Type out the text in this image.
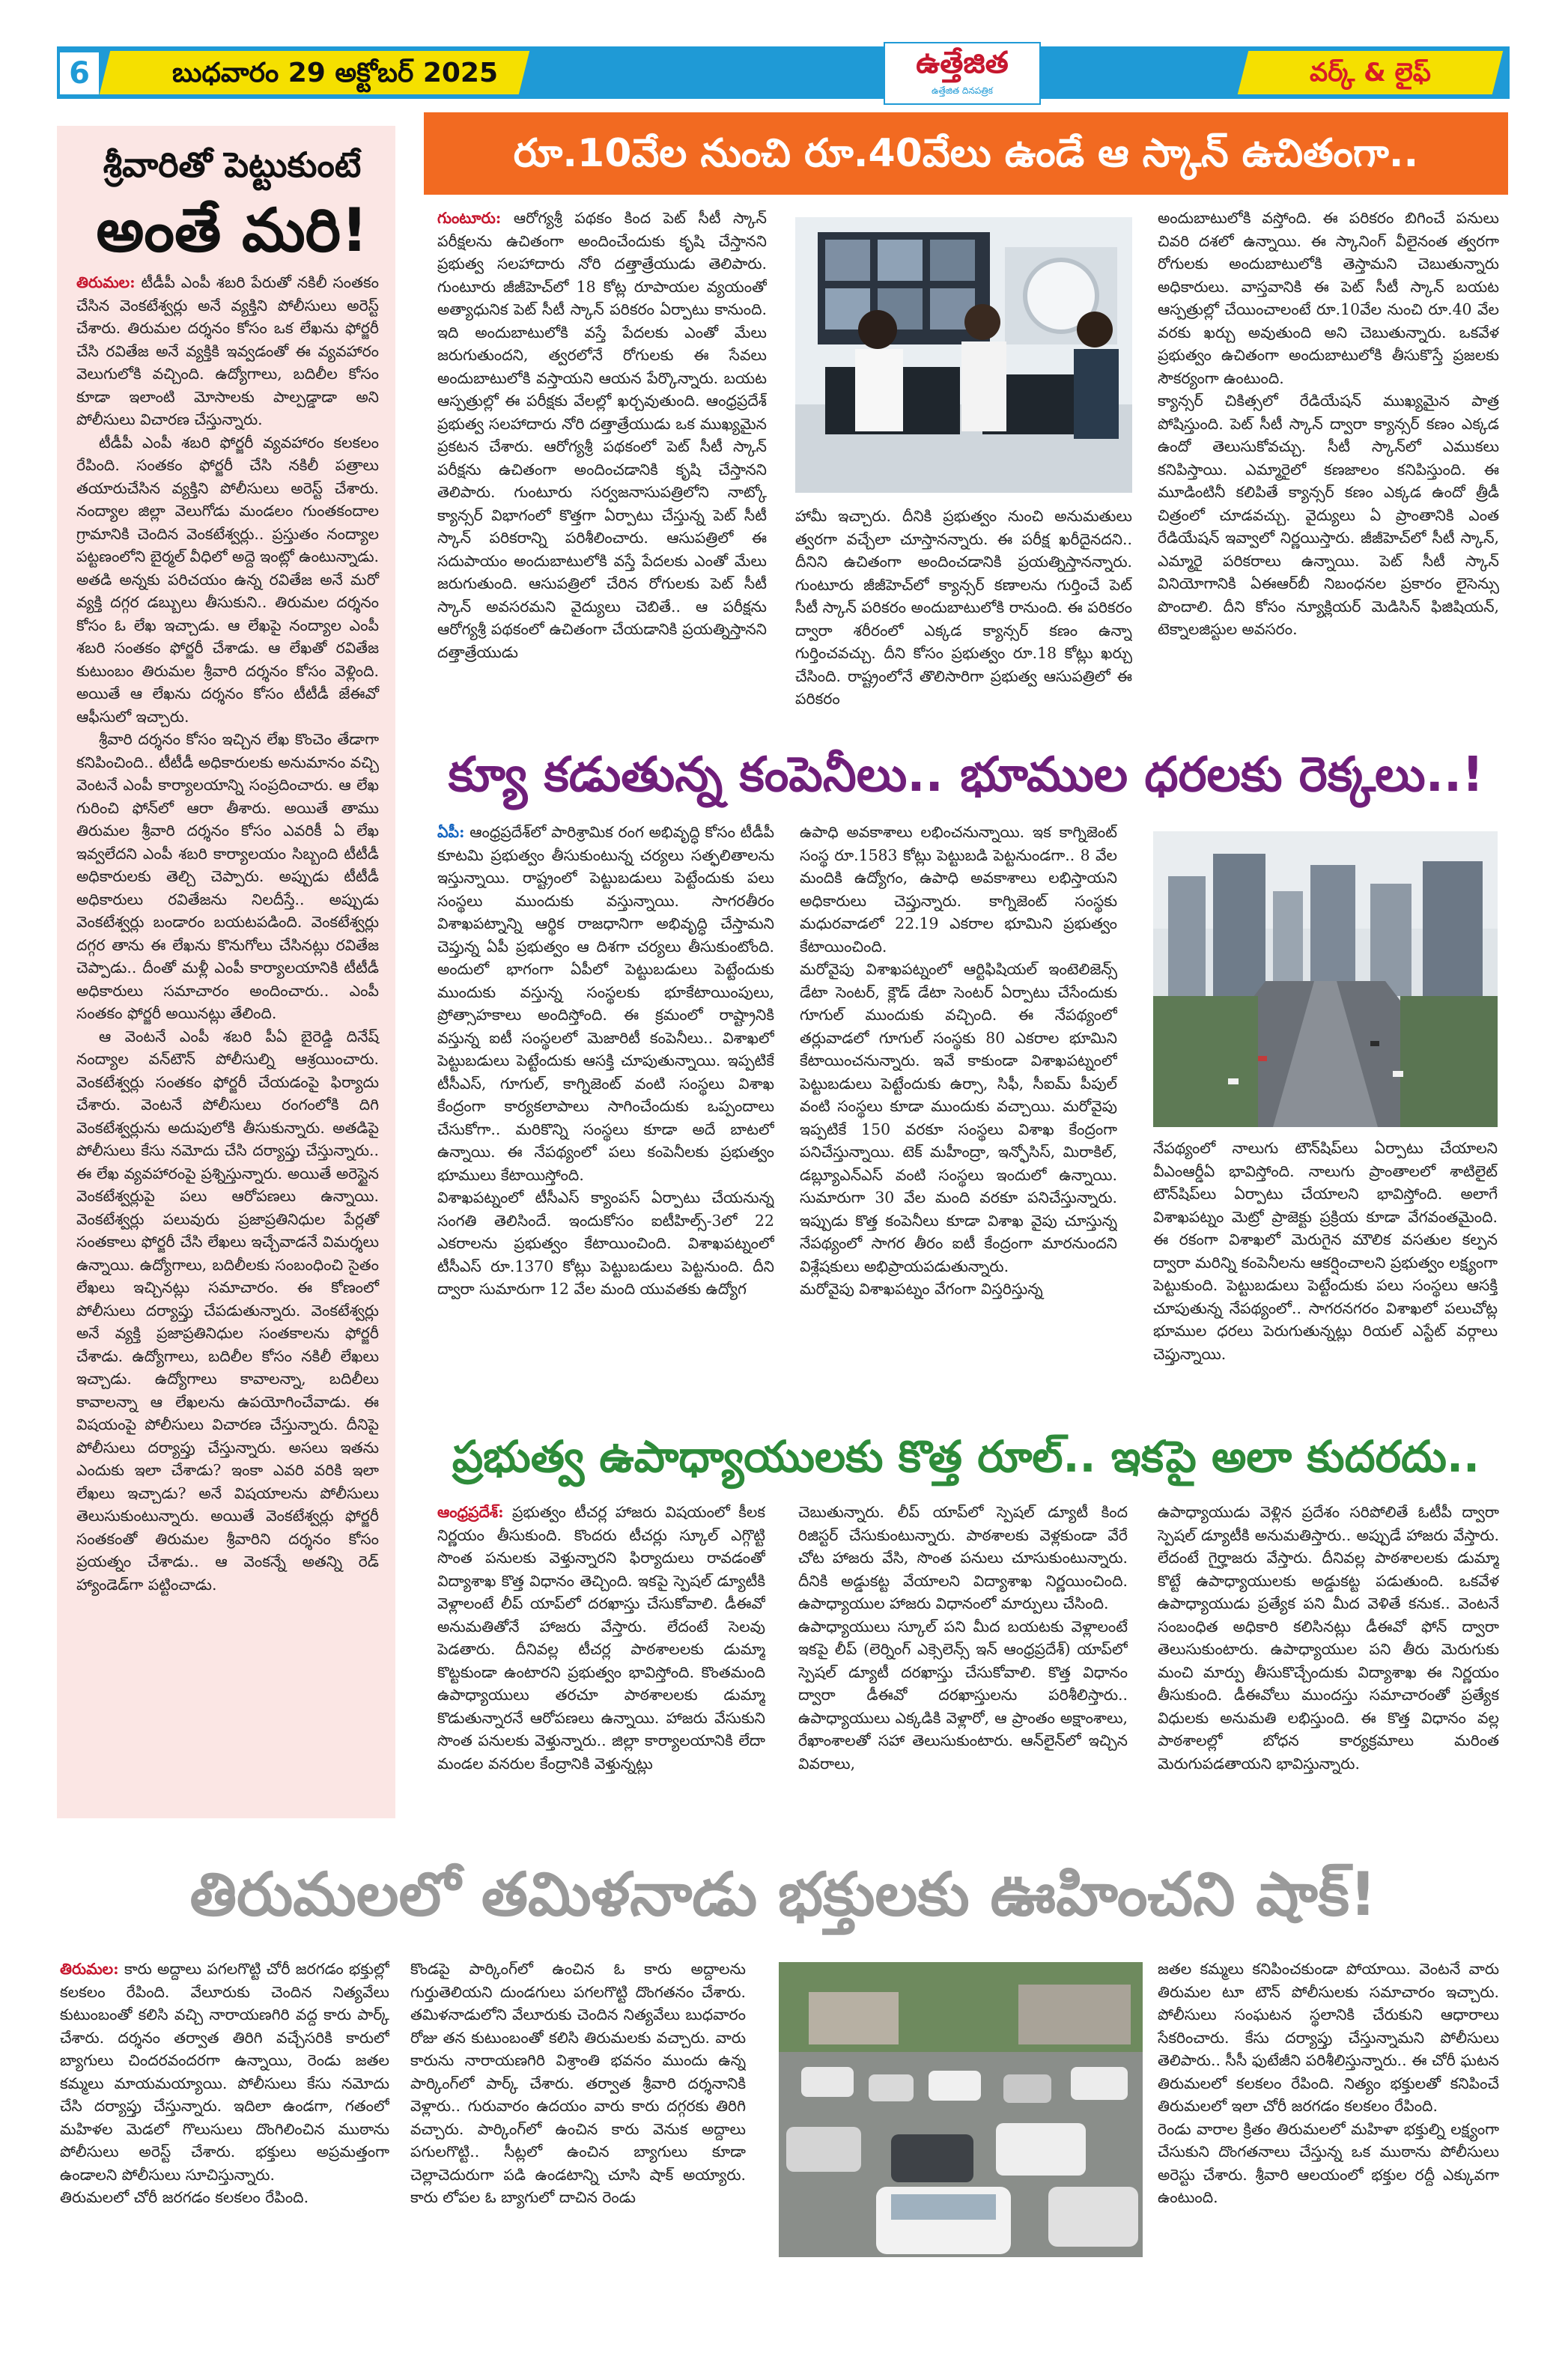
6	బుధవారం 29 అక్టోబర్ 2025	ఉత్తేజిత
ఉత్తేజిత దినపత్రిక
వర్క్ & లైఫ్
శ్రీవారితో పెట్టుకుంటే
అంతే మరి!

తిరుమల: టీడీపీ ఎంపీ శబరి పేరుతో నకిలీ సంతకం చేసిన వెంకటేశ్వర్లు అనే వ్యక్తిని పోలీసులు అరెస్ట్ చేశారు. తిరుమల దర్శనం కోసం ఒక లేఖను ఫోర్జరీ చేసి రవితేజ అనే వ్యక్తికి ఇవ్వడంతో ఈ వ్యవహారం వెలుగులోకి వచ్చింది. ఉద్యోగాలు, బదిలీల కోసం కూడా ఇలాంటి మోసాలకు పాల్పడ్డాడా అని పోలీసులు విచారణ చేస్తున్నారు.

టీడీపీ ఎంపీ శబరి ఫోర్జరీ వ్యవహారం కలకలం రేపింది. సంతకం ఫోర్జరీ చేసి నకిలీ పత్రాలు తయారుచేసిన వ్యక్తిని పోలీసులు అరెస్ట్ చేశారు. నంద్యాల జిల్లా వెలుగోడు మండలం గుంతకందాల గ్రామానికి చెందిన వెంకటేశ్వర్లు.. ప్రస్తుతం నంద్యాల పట్టణంలోని బైర్మల్ వీధిలో అద్దె ఇంట్లో ఉంటున్నాడు. అతడి అన్నకు పరిచయం ఉన్న రవితేజ అనే మరో వ్యక్తి దగ్గర డబ్బులు తీసుకుని.. తిరుమల దర్శనం కోసం ఓ లేఖ ఇచ్చాడు. ఆ లేఖపై నంద్యాల ఎంపీ శబరి సంతకం ఫోర్జరీ చేశాడు. ఆ లేఖతో రవితేజ కుటుంబం తిరుమల శ్రీవారి దర్శనం కోసం వెళ్లింది. అయితే ఆ లేఖను దర్శనం కోసం టీటీడీ జేఈవో ఆఫీసులో ఇచ్చారు.

శ్రీవారి దర్శనం కోసం ఇచ్చిన లేఖ కొంచెం తేడాగా కనిపించింది.. టీటీడీ అధికారులకు అనుమానం వచ్చి వెంటనే ఎంపీ కార్యాలయాన్ని సంప్రదించారు. ఆ లేఖ గురించి ఫోన్‌లో ఆరా తీశారు. అయితే తాము తిరుమల శ్రీవారి దర్శనం కోసం ఎవరికీ ఏ లేఖ ఇవ్వలేదని ఎంపీ శబరి కార్యాలయం సిబ్బంది టీటీడీ అధికారులకు తెల్చి చెప్పారు. అప్పుడు టీటీడీ అధికారులు రవితేజను నిలదీస్తే.. అప్పుడు వెంకటేశ్వర్లు బండారం బయటపడింది. వెంకటేశ్వర్లు దగ్గర తాను ఈ లేఖను కొనుగోలు చేసినట్లు రవితేజ చెప్పాడు.. దీంతో మళ్లీ ఎంపీ కార్యాలయానికి టీటీడీ అధికారులు సమాచారం అందించారు.. ఎంపీ సంతకం ఫోర్జరీ అయినట్లు తేలింది.

ఆ వెంటనే ఎంపీ శబరి పీఏ బైరెడ్డి దినేష్ నంద్యాల వన్‌టౌన్ పోలీసుల్ని ఆశ్రయించారు. వెంకటేశ్వర్లు సంతకం ఫోర్జరీ చేయడంపై ఫిర్యాదు చేశారు. వెంటనే పోలీసులు రంగంలోకి దిగి వెంకటేశ్వర్లును అదుపులోకి తీసుకున్నారు. అతడిపై పోలీసులు కేసు నమోదు చేసి దర్యాప్తు చేస్తున్నారు.. ఈ లేఖ వ్యవహారంపై ప్రశ్నిస్తున్నారు. అయితే అరెస్టైన వెంకటేశ్వర్లుపై పలు ఆరోపణలు ఉన్నాయి. వెంకటేశ్వర్లు పలువురు ప్రజాప్రతినిధుల పేర్లతో సంతకాలు ఫోర్జరీ చేసి లేఖలు ఇచ్చేవాడనే విమర్శలు ఉన్నాయి. ఉద్యోగాలు, బదిలీలకు సంబంధించి సైతం లేఖలు ఇచ్చినట్లు సమాచారం. ఈ కోణంలో పోలీసులు దర్యాప్తు చేపడుతున్నారు. వెంకటేశ్వర్లు అనే వ్యక్తి ప్రజాప్రతినిధుల సంతకాలను ఫోర్జరీ చేశాడు. ఉద్యోగాలు, బదిలీల కోసం నకిలీ లేఖలు ఇచ్చాడు. ఉద్యోగాలు కావాలన్నా, బదిలీలు కావాలన్నా ఆ లేఖలను ఉపయోగించేవాడు. ఈ విషయంపై పోలీసులు విచారణ చేస్తున్నారు. దీనిపై పోలీసులు దర్యాప్తు చేస్తున్నారు. అసలు ఇతను ఎందుకు ఇలా చేశాడు? ఇంకా ఎవరి వరికి ఇలా లేఖలు ఇచ్చాడు? అనే విషయాలను పోలీసులు తెలుసుకుంటున్నారు. అయితే వెంకటేశ్వర్లు ఫోర్జరీ సంతకంతో తిరుమల శ్రీవారిని దర్శనం కోసం ప్రయత్నం చేశాడు.. ఆ వెంకన్నే అతన్ని రెడ్ హ్యాండెడ్‌గా పట్టించాడు.

రూ.10వేల నుంచి రూ.40వేలు ఉండే ఆ స్కాన్ ఉచితంగా..
గుంటూరు: ఆరోగ్యశ్రీ పథకం కింద పెట్ సీటీ స్కాన్ పరీక్షలను ఉచితంగా అందించేందుకు కృషి చేస్తానని ప్రభుత్వ సలహాదారు నోరి దత్తాత్రేయుడు తెలిపారు. గుంటూరు జీజీహెచ్‌లో 18 కోట్ల రూపాయల వ్యయంతో అత్యాధునిక పెట్ సీటీ స్కాన్ పరికరం ఏర్పాటు కానుంది. ఇది అందుబాటులోకి వస్తే పేదలకు ఎంతో మేలు జరుగుతుందని, త్వరలోనే రోగులకు ఈ సేవలు అందుబాటులోకి వస్తాయని ఆయన పేర్కొన్నారు. బయట ఆస్పత్రుల్లో ఈ పరీక్షకు వేలల్లో ఖర్చవుతుంది. ఆంధ్రప్రదేశ్ ప్రభుత్వ సలహాదారు నోరి దత్తాత్రేయుడు ఒక ముఖ్యమైన ప్రకటన చేశారు. ఆరోగ్యశ్రీ పథకంలో పెట్ సీటీ స్కాన్ పరీక్షను ఉచితంగా అందించడానికి కృషి చేస్తానని తెలిపారు. గుంటూరు సర్వజనాసుపత్రిలోని నాట్కో క్యాన్సర్ విభాగంలో కొత్తగా ఏర్పాటు చేస్తున్న పెట్ సీటీ స్కాన్ పరికరాన్ని పరిశీలించారు. ఆసుపత్రిలో ఈ సదుపాయం అందుబాటులోకి వస్తే పేదలకు ఎంతో మేలు జరుగుతుంది. ఆసుపత్రిలో చేరిన రోగులకు పెట్ సీటీ స్కాన్ అవసరమని వైద్యులు చెబితే.. ఆ పరీక్షను ఆరోగ్యశ్రీ పథకంలో ఉచితంగా చేయడానికి ప్రయత్నిస్తానని దత్తాత్రేయుడు
హామీ ఇచ్చారు. దీనికి ప్రభుత్వం నుంచి అనుమతులు త్వరగా వచ్చేలా చూస్తానన్నారు. ఈ పరీక్ష ఖరీదైనదని.. దీనిని ఉచితంగా అందించడానికి ప్రయత్నిస్తానన్నారు. గుంటూరు జీజీహెచ్‌లో క్యాన్సర్ కణాలను గుర్తించే పెట్ సీటీ స్కాన్ పరికరం అందుబాటులోకి రానుంది. ఈ పరికరం ద్వారా శరీరంలో ఎక్కడ క్యాన్సర్ కణం ఉన్నా గుర్తించవచ్చు. దీని కోసం ప్రభుత్వం రూ.18 కోట్లు ఖర్చు చేసింది. రాష్ట్రంలోనే తొలిసారిగా ప్రభుత్వ ఆసుపత్రిలో ఈ పరికరం
అందుబాటులోకి వస్తోంది. ఈ పరికరం బిగించే పనులు చివరి దశలో ఉన్నాయి. ఈ స్కానింగ్ వీలైనంత త్వరగా రోగులకు అందుబాటులోకి తెస్తామని చెబుతున్నారు అధికారులు. వాస్తవానికి ఈ పెట్ సీటీ స్కాన్ బయట ఆస్పత్రుల్లో చేయించాలంటే రూ.10వేల నుంచి రూ.40 వేల వరకు ఖర్చు అవుతుంది అని చెబుతున్నారు. ఒకవేళ ప్రభుత్వం ఉచితంగా అందుబాటులోకి తీసుకొస్తే ప్రజలకు సౌకర్యంగా ఉంటుంది.
క్యాన్సర్ చికిత్సలో రేడియేషన్ ముఖ్యమైన పాత్ర పోషిస్తుంది. పెట్ సీటీ స్కాన్ ద్వారా క్యాన్సర్ కణం ఎక్కడ ఉందో తెలుసుకోవచ్చు. సీటీ స్కాన్‌లో ఎముకలు కనిపిస్తాయి. ఎమ్మారైలో కణజాలం కనిపిస్తుంది. ఈ మూడింటినీ కలిపితే క్యాన్సర్ కణం ఎక్కడ ఉందో త్రీడీ చిత్రంలో చూడవచ్చు. వైద్యులు ఏ ప్రాంతానికి ఎంత రేడియేషన్ ఇవ్వాలో నిర్ణయిస్తారు. జీజీహెచ్‌లో సీటీ స్కాన్, ఎమ్మారై పరికరాలు ఉన్నాయి. పెట్ సీటీ స్కాన్ వినియోగానికి ఏఈఆర్‌బీ నిబంధనల ప్రకారం లైసెన్సు పొందాలి. దీని కోసం న్యూక్లియర్ మెడిసిన్ ఫిజిషియన్, టెక్నాలజిస్టుల అవసరం.
క్యూ కడుతున్న కంపెనీలు.. భూముల ధరలకు రెక్కలు..!
ఏపీ: ఆంధ్రప్రదేశ్‌లో పారిశ్రామిక రంగ అభివృద్ధి కోసం టీడీపీ కూటమి ప్రభుత్వం తీసుకుంటున్న చర్యలు సత్ఫలితాలను ఇస్తున్నాయి. రాష్ట్రంలో పెట్టుబడులు పెట్టేందుకు పలు సంస్థలు ముందుకు వస్తున్నాయి. సాగరతీరం విశాఖపట్నాన్ని ఆర్థిక రాజధానిగా అభివృద్ధి చేస్తామని చెప్తున్న ఏపీ ప్రభుత్వం ఆ దిశగా చర్యలు తీసుకుంటోంది. అందులో భాగంగా ఏపీలో పెట్టుబడులు పెట్టేందుకు ముందుకు వస్తున్న సంస్థలకు భూకేటాయింపులు, ప్రోత్సాహకాలు అందిస్తోంది. ఈ క్రమంలో రాష్ట్రానికి వస్తున్న ఐటీ సంస్థలలో మెజారిటీ కంపెనీలు.. విశాఖలో పెట్టుబడులు పెట్టేందుకు ఆసక్తి చూపుతున్నాయి. ఇప్పటికే టీసీఎస్, గూగుల్, కాగ్నిజెంట్ వంటి సంస్థలు విశాఖ కేంద్రంగా కార్యకలాపాలు సాగించేందుకు ఒప్పందాలు చేసుకోగా.. మరికొన్ని సంస్థలు కూడా అదే బాటలో ఉన్నాయి. ఈ నేపథ్యంలో పలు కంపెనీలకు ప్రభుత్వం భూములు కేటాయిస్తోంది.
విశాఖపట్నంలో టీసీఎస్ క్యాంపస్ ఏర్పాటు చేయనున్న సంగతి తెలిసిందే. ఇందుకోసం ఐటీహిల్స్-3లో 22 ఎకరాలను ప్రభుత్వం కేటాయించింది. విశాఖపట్నంలో టీసీఎస్ రూ.1370 కోట్లు పెట్టుబడులు పెట్టనుంది. దీని ద్వారా సుమారుగా 12 వేల మంది యువతకు ఉద్యోగ
ఉపాధి అవకాశాలు లభించనున్నాయి. ఇక కాగ్నిజెంట్ సంస్థ రూ.1583 కోట్లు పెట్టుబడి పెట్టనుండగా.. 8 వేల మందికి ఉద్యోగం, ఉపాధి అవకాశాలు లభిస్తాయని అధికారులు చెప్తున్నారు. కాగ్నిజెంట్ సంస్థకు మధురవాడలో 22.19 ఎకరాల భూమిని ప్రభుత్వం కేటాయించింది.
మరోవైపు విశాఖపట్నంలో ఆర్టిఫిషియల్ ఇంటెలిజెన్స్ డేటా సెంటర్, క్లౌడ్ డేటా సెంటర్ ఏర్పాటు చేసేందుకు గూగుల్ ముందుకు వచ్చింది. ఈ నేపథ్యంలో తర్లువాడలో గూగుల్ సంస్థకు 80 ఎకరాల భూమిని కేటాయించనున్నారు. ఇవే కాకుండా విశాఖపట్నంలో పెట్టుబడులు పెట్టేందుకు ఉర్సా, సిఫీ, సీఐమ్ పీపుల్ వంటి సంస్థలు కూడా ముందుకు వచ్చాయి. మరోవైపు ఇప్పటికే 150 వరకూ సంస్థలు విశాఖ కేంద్రంగా పనిచేస్తున్నాయి. టెక్ మహీంద్రా, ఇన్ఫోసిస్, మిరాకిల్, డబ్ల్యూఎన్‌ఎస్ వంటి సంస్థలు ఇందులో ఉన్నాయి. సుమారుగా 30 వేల మంది వరకూ పనిచేస్తున్నారు. ఇప్పుడు కొత్త కంపెనీలు కూడా విశాఖ వైపు చూస్తున్న నేపథ్యంలో సాగర తీరం ఐటీ కేంద్రంగా మారనుందని విశ్లేషకులు అభిప్రాయపడుతున్నారు.
మరోవైపు విశాఖపట్నం వేగంగా విస్తరిస్తున్న
నేపథ్యంలో నాలుగు టౌన్‌షిప్‌లు ఏర్పాటు చేయాలని వీఎంఆర్డీఏ భావిస్తోంది. నాలుగు ప్రాంతాలలో శాటిలైట్ టౌన్‌షిప్‌లు ఏర్పాటు చేయాలని భావిస్తోంది. అలాగే విశాఖపట్నం మెట్రో ప్రాజెక్టు ప్రక్రియ కూడా వేగవంతమైంది. ఈ రకంగా విశాఖలో మెరుగైన మౌలిక వసతుల కల్పన ద్వారా మరిన్ని కంపెనీలను ఆకర్షించాలని ప్రభుత్వం లక్ష్యంగా పెట్టుకుంది. పెట్టుబడులు పెట్టేందుకు పలు సంస్థలు ఆసక్తి చూపుతున్న నేపథ్యంలో.. సాగరనగరం విశాఖలో పలుచోట్ల భూముల ధరలు పెరుగుతున్నట్లు రియల్ ఎస్టేట్ వర్గాలు చెప్తున్నాయి.
ప్రభుత్వ ఉపాధ్యాయులకు కొత్త రూల్.. ఇకపై అలా కుదరదు..
ఆంధ్రప్రదేశ్: ప్రభుత్వం టీచర్ల హాజరు విషయంలో కీలక నిర్ణయం తీసుకుంది. కొందరు టీచర్లు స్కూల్ ఎగ్గొట్టి సొంత పనులకు వెళ్తున్నారని ఫిర్యాదులు రావడంతో విద్యాశాఖ కొత్త విధానం తెచ్చింది. ఇకపై స్పెషల్ డ్యూటీకి వెళ్లాలంటే లీప్ యాప్‌లో దరఖాస్తు చేసుకోవాలి. డీఈవో అనుమతితోనే హాజరు వేస్తారు. లేదంటే సెలవు పెడతారు. దీనివల్ల టీచర్ల పాఠశాలలకు డుమ్మా కొట్టకుండా ఉంటారని ప్రభుత్వం భావిస్తోంది. కొంతమంది ఉపాధ్యాయులు తరచూ పాఠశాలలకు డుమ్మా కొడుతున్నారనే ఆరోపణలు ఉన్నాయి. హాజరు వేసుకుని సొంత పనులకు వెళ్తున్నారు.. జిల్లా కార్యాలయానికి లేదా మండల వనరుల కేంద్రానికి వెళ్తున్నట్లు
చెబుతున్నారు. లీప్ యాప్‌లో స్పెషల్ డ్యూటీ కింద రిజిస్టర్ చేసుకుంటున్నారు. పాఠశాలకు వెళ్లకుండా వేరే చోట హాజరు వేసి, సొంత పనులు చూసుకుంటున్నారు. దీనికి అడ్డుకట్ట వేయాలని విద్యాశాఖ నిర్ణయించింది. ఉపాధ్యాయుల హాజరు విధానంలో మార్పులు చేసింది.
ఉపాధ్యాయులు స్కూల్ పని మీద బయటకు వెళ్లాలంటే ఇకపై లీప్ (లెర్నింగ్ ఎక్సెలెన్స్ ఇన్ ఆంధ్రప్రదేశ్) యాప్‌లో స్పెషల్ డ్యూటీ దరఖాస్తు చేసుకోవాలి. కొత్త విధానం ద్వారా డీఈవో దరఖాస్తులను పరిశీలిస్తారు.. ఉపాధ్యాయులు ఎక్కడికి వెళ్లారో, ఆ ప్రాంతం అక్షాంశాలు, రేఖాంశాలతో సహా తెలుసుకుంటారు. ఆన్‌లైన్‌లో ఇచ్చిన వివరాలు,
ఉపాధ్యాయుడు వెళ్లిన ప్రదేశం సరిపోలితే ఓటీపీ ద్వారా స్పెషల్ డ్యూటీకి అనుమతిస్తారు.. అప్పుడే హాజరు వేస్తారు. లేదంటే గైర్హాజరు వేస్తారు. దీనివల్ల పాఠశాలలకు డుమ్మా కొట్టే ఉపాధ్యాయులకు అడ్డుకట్ట పడుతుంది. ఒకవేళ ఉపాధ్యాయుడు ప్రత్యేక పని మీద వెళితే కనుక.. వెంటనే సంబంధిత అధికారి కలిసినట్లు డీఈవో ఫోన్ ద్వారా తెలుసుకుంటారు. ఉపాధ్యాయుల పని తీరు మెరుగుకు మంచి మార్పు తీసుకొచ్చేందుకు విద్యాశాఖ ఈ నిర్ణయం తీసుకుంది. డీఈవోలు ముందస్తు సమాచారంతో ప్రత్యేక విధులకు అనుమతి లభిస్తుంది. ఈ కొత్త విధానం వల్ల పాఠశాలల్లో బోధన కార్యక్రమాలు మరింత మెరుగుపడతాయని భావిస్తున్నారు.
తిరుమలలో తమిళనాడు భక్తులకు ఊహించని షాక్!
తిరుమల: కారు అద్దాలు పగలగొట్టి చోరీ జరగడం భక్తుల్లో కలకలం రేపింది. వేలూరుకు చెందిన నిత్యవేలు కుటుంబంతో కలిసి వచ్చి నారాయణగిరి వద్ద కారు పార్క్ చేశారు. దర్శనం తర్వాత తిరిగి వచ్చేసరికి కారులో బ్యాగులు చిందరవందరగా ఉన్నాయి, రెండు జతల కమ్మలు మాయమయ్యాయి. పోలీసులు కేసు నమోదు చేసి దర్యాప్తు చేస్తున్నారు. ఇదిలా ఉండగా, గతంలో మహిళల మెడలో గొలుసులు దొంగిలించిన ముఠాను పోలీసులు అరెస్ట్ చేశారు. భక్తులు అప్రమత్తంగా ఉండాలని పోలీసులు సూచిస్తున్నారు.
తిరుమలలో చోరీ జరగడం కలకలం రేపింది.
కొండపై పార్కింగ్‌లో ఉంచిన ఓ కారు అద్దాలను గుర్తుతెలియని దుండగులు పగలగొట్టి దొంగతనం చేశారు. తమిళనాడులోని వేలూరుకు చెందిన నిత్యవేలు బుధవారం రోజు తన కుటుంబంతో కలిసి తిరుమలకు వచ్చారు. వారు కారును నారాయణగిరి విశ్రాంతి భవనం ముందు ఉన్న పార్కింగ్‌లో పార్క్ చేశారు. తర్వాత శ్రీవారి దర్శనానికి వెళ్లారు.. గురువారం ఉదయం వారు కారు దగ్గరకు తిరిగి వచ్చారు. పార్కింగ్‌లో ఉంచిన కారు వెనుక అద్దాలు పగులగొట్టి.. సీట్లలో ఉంచిన బ్యాగులు కూడా చెల్లాచెదురుగా పడి ఉండటాన్ని చూసి షాక్ అయ్యారు. కారు లోపల ఓ బ్యాగులో దాచిన రెండు
జతల కమ్మలు కనిపించకుండా పోయాయి. వెంటనే వారు తిరుమల టూ టౌన్ పోలీసులకు సమాచారం ఇచ్చారు. పోలీసులు సంఘటన స్థలానికి చేరుకుని ఆధారాలు సేకరించారు. కేసు దర్యాప్తు చేస్తున్నామని పోలీసులు తెలిపారు.. సీసీ ఫుటేజీని పరిశీలిస్తున్నారు.. ఈ చోరీ ఘటన తిరుమలలో కలకలం రేపింది. నిత్యం భక్తులతో కనిపించే తిరుమలలో ఇలా చోరీ జరగడం కలకలం రేపింది.
రెండు వారాల క్రితం తిరుమలలో మహిళా భక్తుల్ని లక్ష్యంగా చేసుకుని దొంగతనాలు చేస్తున్న ఒక ముఠాను పోలీసులు అరెస్టు చేశారు. శ్రీవారి ఆలయంలో భక్తుల రద్దీ ఎక్కువగా ఉంటుంది.
